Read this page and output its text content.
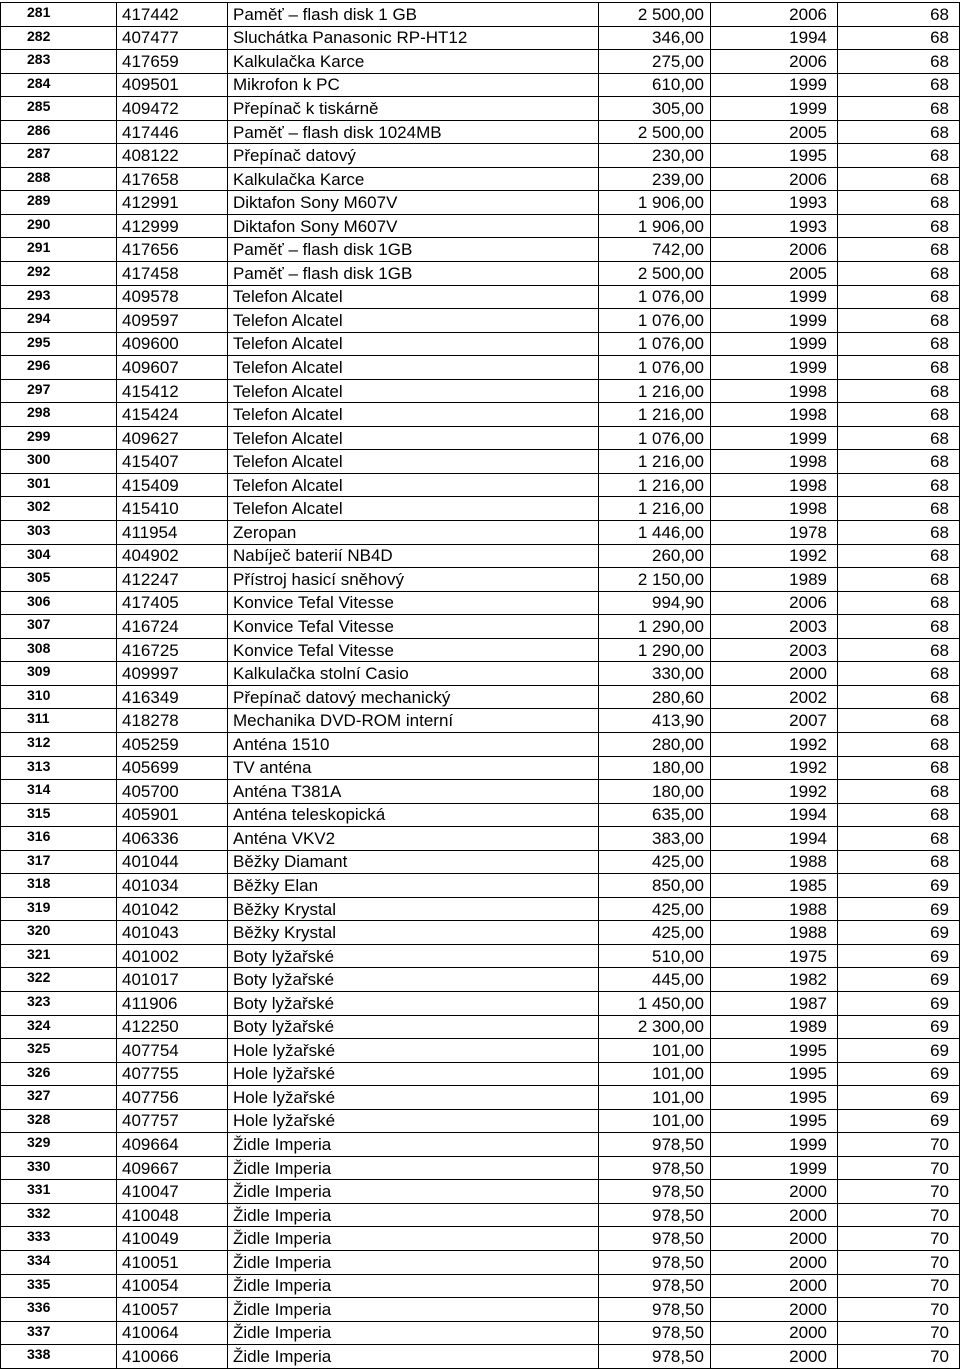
281	417442	Paměť – flash disk 1 GB	2 500,00	2006	68
282	407477	Sluchátka Panasonic RP-HT12	346,00	1994	68
283	417659	Kalkulačka Karce	275,00	2006	68
284	409501	Mikrofon k PC	610,00	1999	68
285	409472	Přepínač k tiskárně	305,00	1999	68
286	417446	Paměť – flash disk 1024MB	2 500,00	2005	68
287	408122	Přepínač datový	230,00	1995	68
288	417658	Kalkulačka Karce	239,00	2006	68
289	412991	Diktafon Sony M607V	1 906,00	1993	68
290	412999	Diktafon Sony M607V	1 906,00	1993	68
291	417656	Paměť – flash disk 1GB	742,00	2006	68
292	417458	Paměť – flash disk 1GB	2 500,00	2005	68
293	409578	Telefon Alcatel	1 076,00	1999	68
294	409597	Telefon Alcatel	1 076,00	1999	68
295	409600	Telefon Alcatel	1 076,00	1999	68
296	409607	Telefon Alcatel	1 076,00	1999	68
297	415412	Telefon Alcatel	1 216,00	1998	68
298	415424	Telefon Alcatel	1 216,00	1998	68
299	409627	Telefon Alcatel	1 076,00	1999	68
300	415407	Telefon Alcatel	1 216,00	1998	68
301	415409	Telefon Alcatel	1 216,00	1998	68
302	415410	Telefon Alcatel	1 216,00	1998	68
303	411954	Zeropan	1 446,00	1978	68
304	404902	Nabíječ baterií NB4D	260,00	1992	68
305	412247	Přístroj hasicí sněhový	2 150,00	1989	68
306	417405	Konvice Tefal Vitesse	994,90	2006	68
307	416724	Konvice Tefal Vitesse	1 290,00	2003	68
308	416725	Konvice Tefal Vitesse	1 290,00	2003	68
309	409997	Kalkulačka stolní Casio	330,00	2000	68
310	416349	Přepínač datový mechanický	280,60	2002	68
311	418278	Mechanika DVD-ROM interní	413,90	2007	68
312	405259	Anténa 1510	280,00	1992	68
313	405699	TV anténa	180,00	1992	68
314	405700	Anténa T381A	180,00	1992	68
315	405901	Anténa teleskopická	635,00	1994	68
316	406336	Anténa VKV2	383,00	1994	68
317	401044	Běžky Diamant	425,00	1988	68
318	401034	Běžky Elan	850,00	1985	69
319	401042	Běžky Krystal	425,00	1988	69
320	401043	Běžky Krystal	425,00	1988	69
321	401002	Boty lyžařské	510,00	1975	69
322	401017	Boty lyžařské	445,00	1982	69
323	411906	Boty lyžařské	1 450,00	1987	69
324	412250	Boty lyžařské	2 300,00	1989	69
325	407754	Hole lyžařské	101,00	1995	69
326	407755	Hole lyžařské	101,00	1995	69
327	407756	Hole lyžařské	101,00	1995	69
328	407757	Hole lyžařské	101,00	1995	69
329	409664	Židle Imperia	978,50	1999	70
330	409667	Židle Imperia	978,50	1999	70
331	410047	Židle Imperia	978,50	2000	70
332	410048	Židle Imperia	978,50	2000	70
333	410049	Židle Imperia	978,50	2000	70
334	410051	Židle Imperia	978,50	2000	70
335	410054	Židle Imperia	978,50	2000	70
336	410057	Židle Imperia	978,50	2000	70
337	410064	Židle Imperia	978,50	2000	70
338	410066	Židle Imperia	978,50	2000	70
